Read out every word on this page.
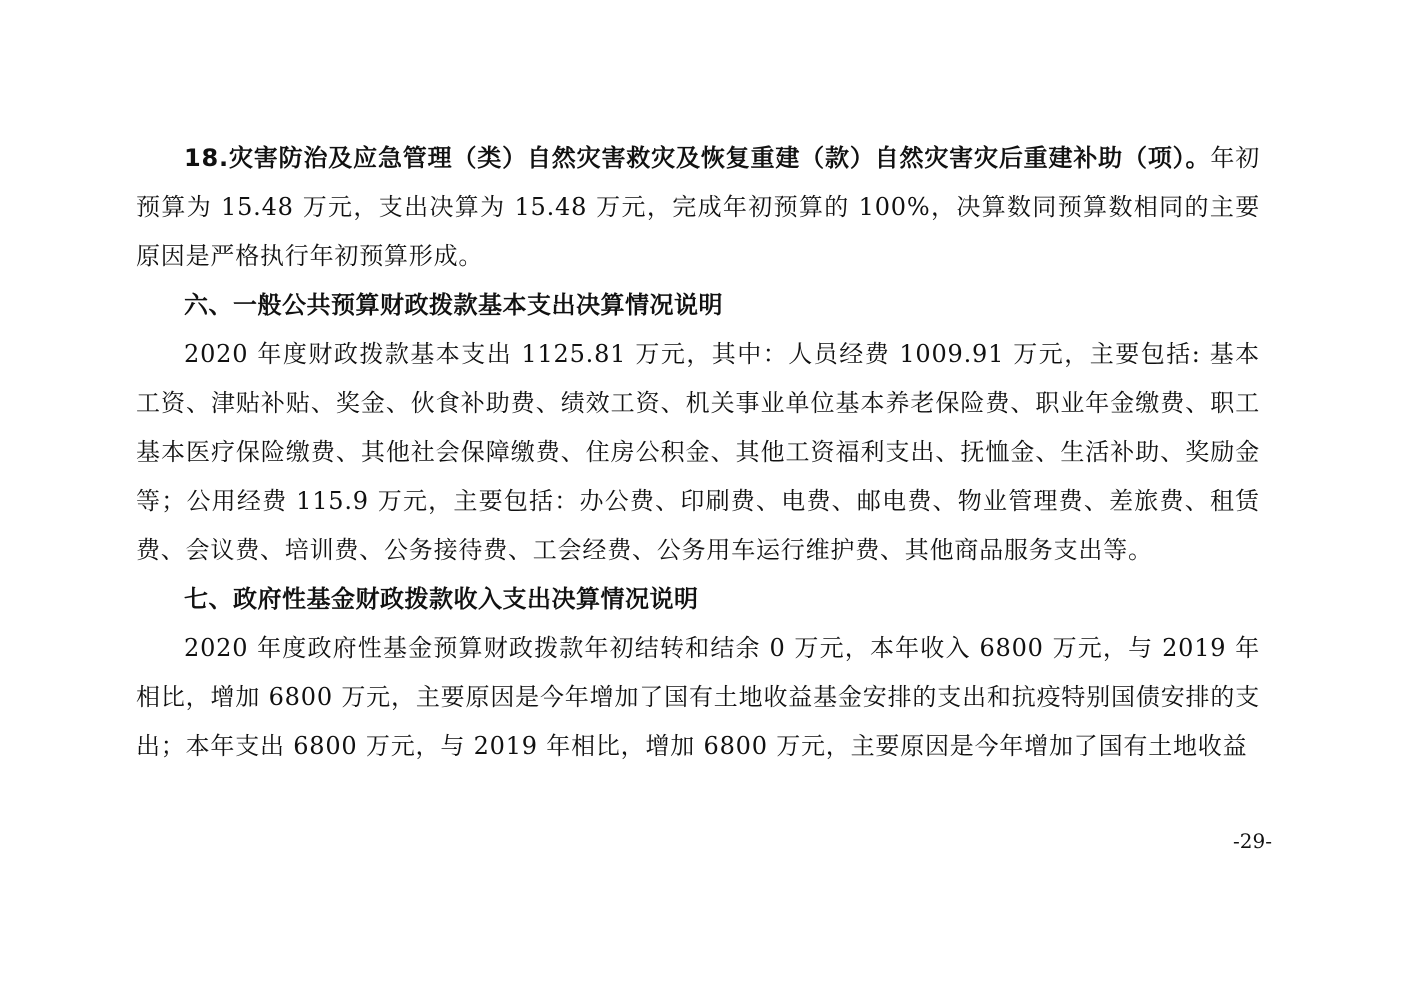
18.灾害防治及应急管理（类）自然灾害救灾及恢复重建（款）自然灾害灾后重建补助（项）。年初预算为 15.48 万元，支出决算为 15.48 万元，完成年初预算的 100%，决算数同预算数相同的主要原因是严格执行年初预算形成。

六、一般公共预算财政拨款基本支出决算情况说明

2020 年度财政拨款基本支出 1125.81 万元，其中：人员经费 1009.91 万元，主要包括: 基本工资、津贴补贴、奖金、伙食补助费、绩效工资、机关事业单位基本养老保险费、职业年金缴费、职工基本医疗保险缴费、其他社会保障缴费、住房公积金、其他工资福利支出、抚恤金、生活补助、奖励金等；公用经费 115.9 万元，主要包括：办公费、印刷费、电费、邮电费、物业管理费、差旅费、租赁费、会议费、培训费、公务接待费、工会经费、公务用车运行维护费、其他商品服务支出等。

七、政府性基金财政拨款收入支出决算情况说明

2020 年度政府性基金预算财政拨款年初结转和结余 0 万元，本年收入 6800 万元，与 2019 年相比，增加 6800 万元，主要原因是今年增加了国有土地收益基金安排的支出和抗疫特别国债安排的支出；本年支出 6800 万元，与 2019 年相比，增加 6800 万元，主要原因是今年增加了国有土地收益

-29-
